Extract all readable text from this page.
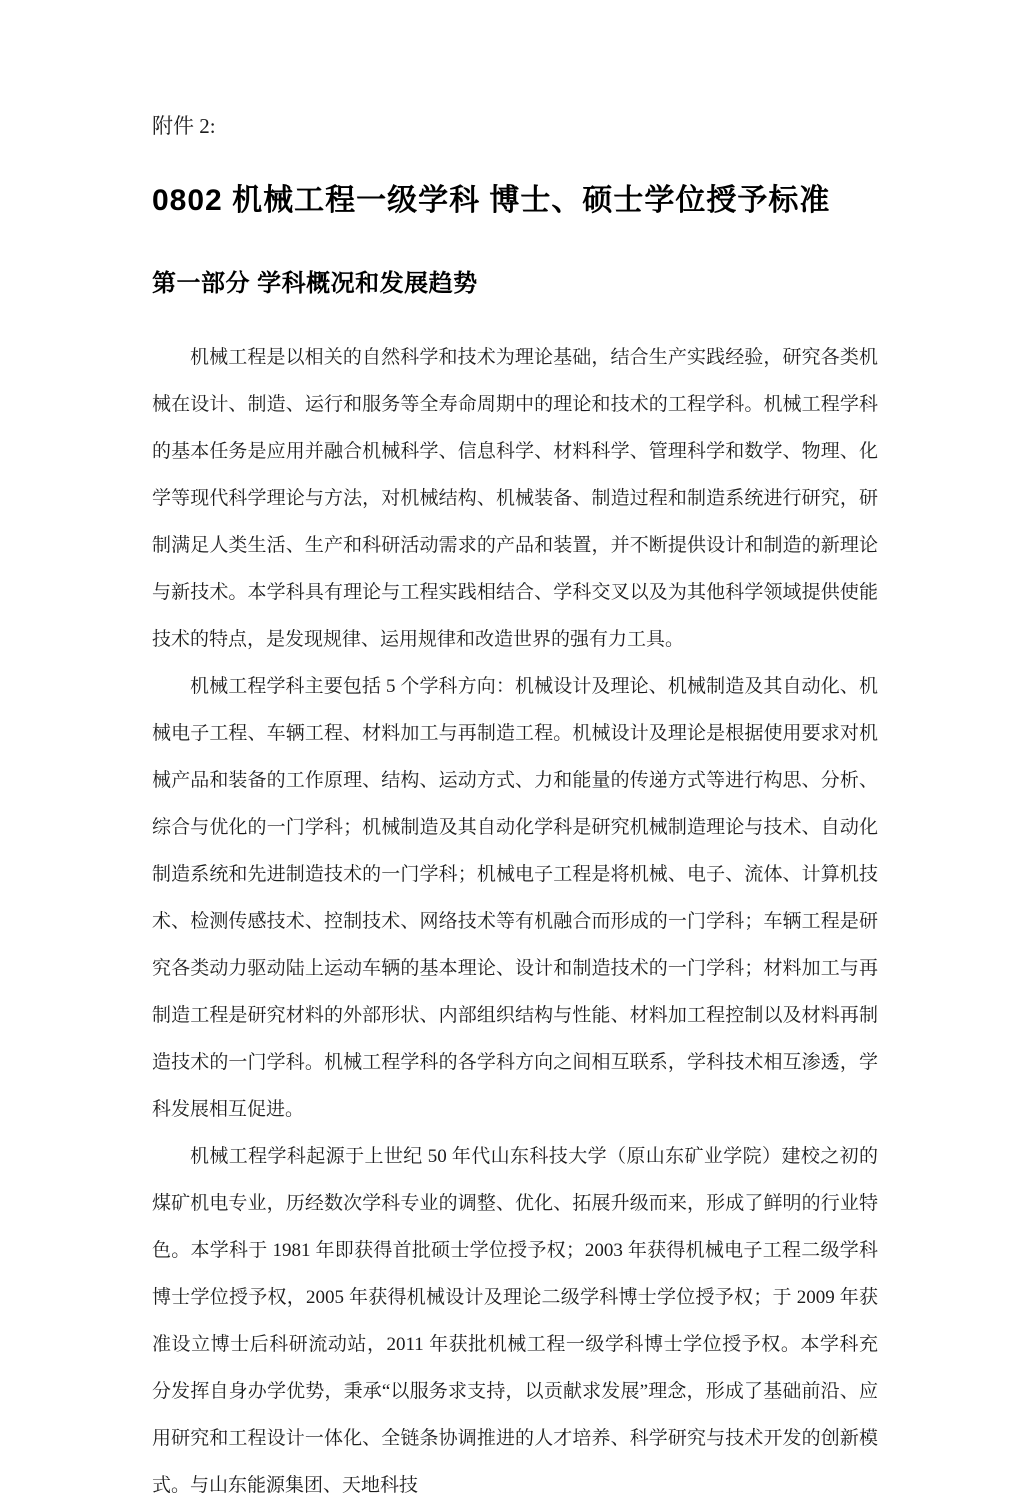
附件 2:
0802 机械工程一级学科 博士、硕士学位授予标准
第一部分 学科概况和发展趋势

机械工程是以相关的自然科学和技术为理论基础，结合生产实践经验，研究各类机械在设计、制造、运行和服务等全寿命周期中的理论和技术的工程学科。机械工程学科的基本任务是应用并融合机械科学、信息科学、材料科学、管理科学和数学、物理、化学等现代科学理论与方法，对机械结构、机械装备、制造过程和制造系统进行研究，研制满足人类生活、生产和科研活动需求的产品和装置，并不断提供设计和制造的新理论与新技术。本学科具有理论与工程实践相结合、学科交叉以及为其他科学领域提供使能技术的特点，是发现规律、运用规律和改造世界的强有力工具。

机械工程学科主要包括 5 个学科方向：机械设计及理论、机械制造及其自动化、机械电子工程、车辆工程、材料加工与再制造工程。机械设计及理论是根据使用要求对机械产品和装备的工作原理、结构、运动方式、力和能量的传递方式等进行构思、分析、综合与优化的一门学科；机械制造及其自动化学科是研究机械制造理论与技术、自动化制造系统和先进制造技术的一门学科；机械电子工程是将机械、电子、流体、计算机技术、检测传感技术、控制技术、网络技术等有机融合而形成的一门学科；车辆工程是研究各类动力驱动陆上运动车辆的基本理论、设计和制造技术的一门学科；材料加工与再制造工程是研究材料的外部形状、内部组织结构与性能、材料加工程控制以及材料再制造技术的一门学科。机械工程学科的各学科方向之间相互联系，学科技术相互渗透，学科发展相互促进。

机械工程学科起源于上世纪 50 年代山东科技大学（原山东矿业学院）建校之初的煤矿机电专业，历经数次学科专业的调整、优化、拓展升级而来，形成了鲜明的行业特色。本学科于 1981 年即获得首批硕士学位授予权；2003 年获得机械电子工程二级学科博士学位授予权，2005 年获得机械设计及理论二级学科博士学位授予权；于 2009 年获准设立博士后科研流动站，2011 年获批机械工程一级学科博士学位授予权。本学科充分发挥自身办学优势，秉承“以服务求支持，以贡献求发展”理念，形成了基础前沿、应用研究和工程设计一体化、全链条协调推进的人才培养、科学研究与技术开发的创新模式。与山东能源集团、天地科技
